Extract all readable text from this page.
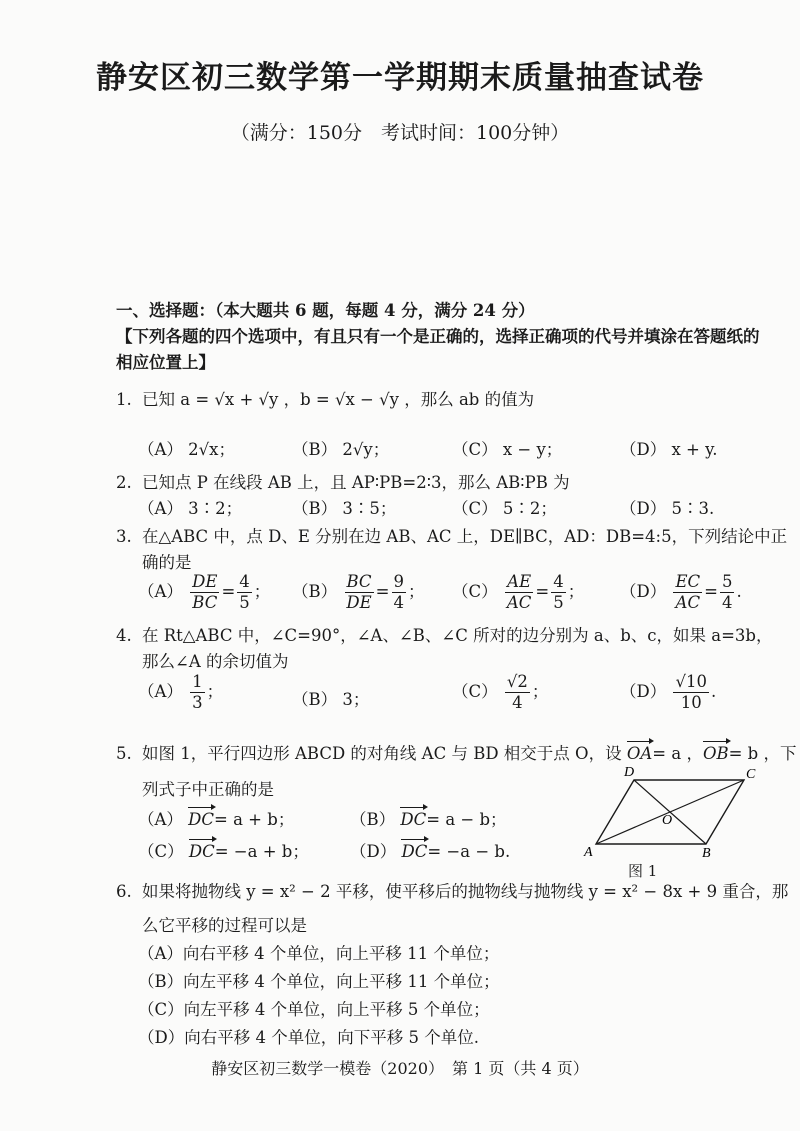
静安区初三数学第一学期期末质量抽查试卷
（满分：150分　考试时间：100分钟）
一、选择题：（本大题共 6 题，每题 4 分，满分 24 分）
【下列各题的四个选项中，有且只有一个是正确的，选择正确项的代号并填涂在答题纸的
相应位置上】
1. 已知 a = √x + √y ，b = √x − √y ，那么 ab 的值为
（A） 2√x；	（B） 2√y；	（C） x − y；	（D） x + y.
2. 已知点 P 在线段 AB 上，且 AP∶PB=2∶3，那么 AB∶PB 为
（A） 3∶2；	（B） 3∶5；	（C） 5∶2；	（D） 5∶3.
3. 在△ABC 中，点 D、E 分别在边 AB、AC 上，DE∥BC，AD：DB=4:5，下列结论中正
确的是
$(A) \frac{DE}{BC} = \frac{4}{5}$ ； $(B) \frac{BC}{DE} = \frac{9}{4}$ ； $(C) \frac{AE}{AC} = \frac{4}{5}$ ； $(D) \frac{EC}{AC} = \frac{5}{4}$ .
4. 在 Rt△ABC 中，∠C=90°，∠A、∠B、∠C 所对的边分别为 a、b、c，如果 a=3b，
那么∠A 的余切值为
$(A) \frac{1}{3}$ ；	（B） 3；	$(C) \frac{√2}{4}$ ；	$(D) \frac{√10}{10}$ .
5. 如图 1，平行四边形 ABCD 的对角线 AC 与 BD 相交于点 O，设 OA= a ，OB= b ，下
列式子中正确的是
（A） DC= a + b；	（B） DC= a − b；
（C） DC= −a + b； （D） DC= −a − b.	A	B
C
D
O
图 1
6. 如果将抛物线 y = x² − 2 平移，使平移后的抛物线与抛物线 y = x² − 8x + 9 重合，那
么它平移的过程可以是
（A）向右平移 4 个单位，向上平移 11 个单位；
（B）向左平移 4 个单位，向上平移 11 个单位；
（C）向左平移 4 个单位，向上平移 5 个单位；
（D）向右平移 4 个单位，向下平移 5 个单位.
静安区初三数学一模卷（2020）　第 1 页（共 4 页）
